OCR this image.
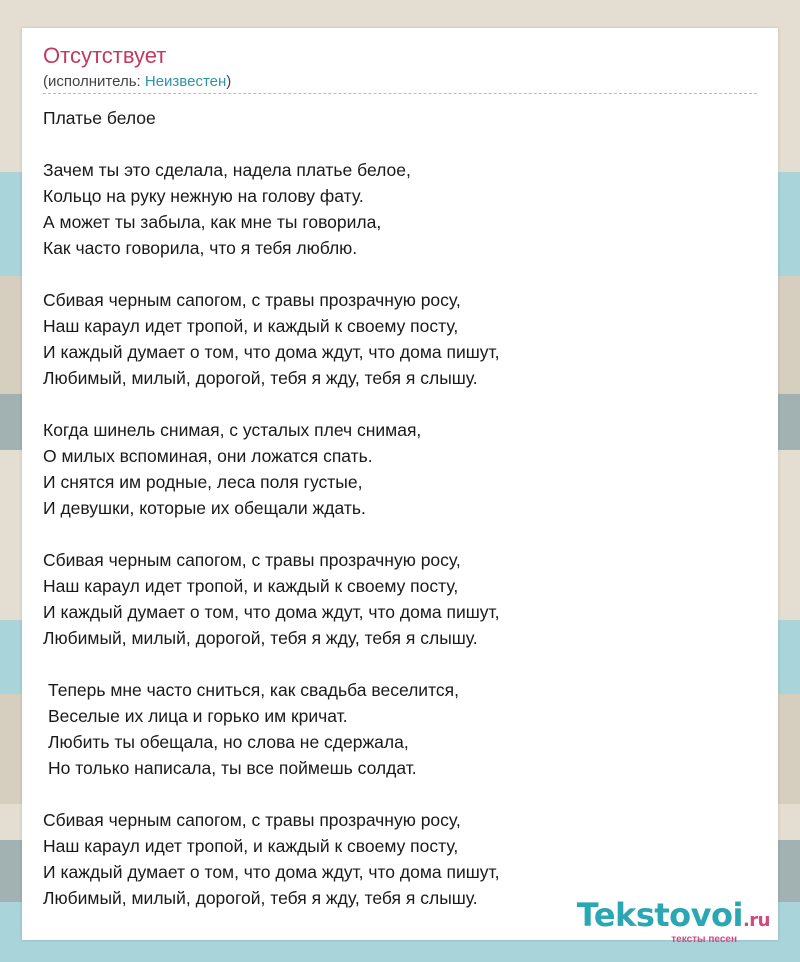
Отсутствует
(исполнитель: Неизвестен)
Платье белое
Зачем ты это сделала, надела платье белое,
Кольцо на руку нежную на голову фату.
А может ты забыла, как мне ты говорила,
Как часто говорила, что я тебя люблю.
Сбивая черным сапогом, с травы прозрачную росу,
Наш караул идет тропой, и каждый к своему посту,
И каждый думает о том, что дома ждут, что дома пишут,
Любимый, милый, дорогой, тебя я жду, тебя я слышу.
Когда шинель снимая, с усталых плеч снимая,
О милых вспоминая, они ложатся спать.
И снятся им родные, леса поля густые,
И девушки, которые их обещали ждать.
Сбивая черным сапогом, с травы прозрачную росу,
Наш караул идет тропой, и каждый к своему посту,
И каждый думает о том, что дома ждут, что дома пишут,
Любимый, милый, дорогой, тебя я жду, тебя я слышу.
Теперь мне часто сниться, как свадьба веселится,
Веселые их лица и горько им кричат.
Любить ты обещала, но слова не сдержала,
Но только написала, ты все поймешь солдат.
Сбивая черным сапогом, с травы прозрачную росу,
Наш караул идет тропой, и каждый к своему посту,
И каждый думает о том, что дома ждут, что дома пишут,
Любимый, милый, дорогой, тебя я жду, тебя я слышу.	Tekstovoi.ru
тексты песен
